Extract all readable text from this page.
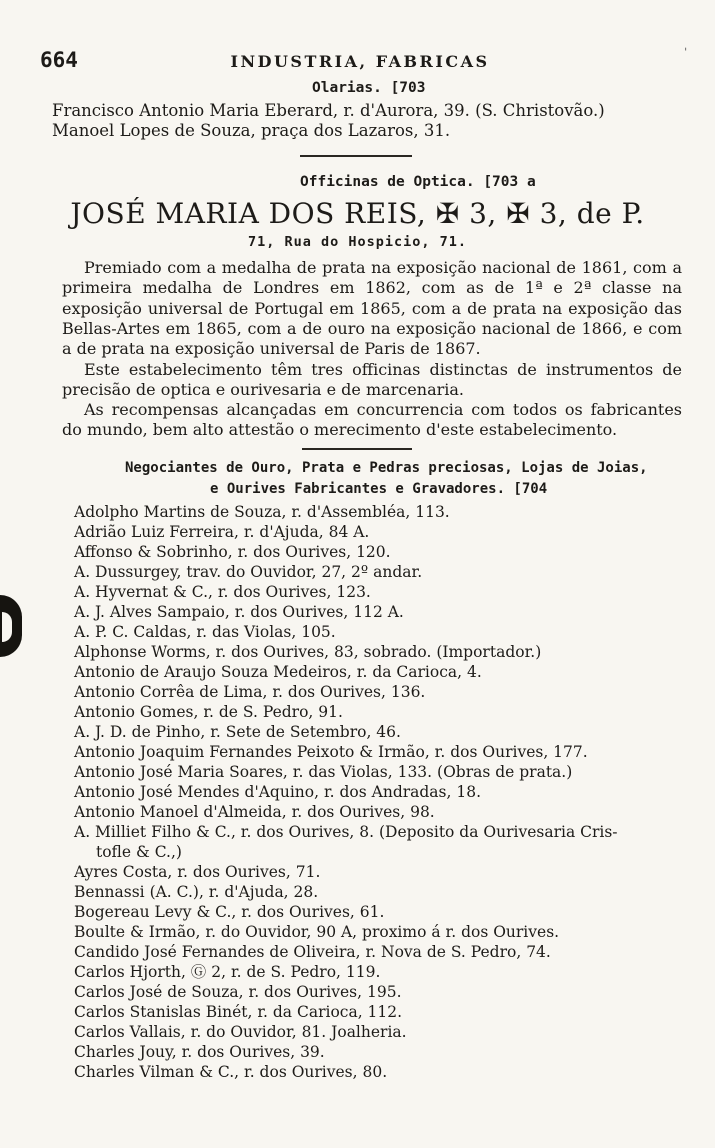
ˈ
664	INDUSTRIA, FABRICAS
Olarias. [703
Francisco Antonio Maria Eberard, r. d'Aurora, 39. (S. Christovão.)
Manoel Lopes de Souza, praça dos Lazaros, 31.
Officinas de Optica. [703 a
JOSÉ MARIA DOS REIS, ✠ 3, ✠ 3, de P.
71, Rua do Hospicio, 71.
Premiado com a medalha de prata na exposição nacional de 1861, com a primeira medalha de Londres em 1862, com as de 1ª e 2ª classe na exposição universal de Portugal em 1865, com a de prata na exposição das Bellas-Artes em 1865, com a de ouro na exposição nacional de 1866, e com a de prata na exposição universal de Paris de 1867.
Este estabelecimento têm tres officinas distinctas de instrumentos de precisão de optica e ourivesaria e de marcenaria.
As recompensas alcançadas em concurrencia com todos os fabricantes do mundo, bem alto attestão o merecimento d'este estabelecimento.
Negociantes de Ouro, Prata e Pedras preciosas, Lojas de Joias,
e Ourives Fabricantes e Gravadores. [704
Adolpho Martins de Souza, r. d'Assembléa, 113.
Adrião Luiz Ferreira, r. d'Ajuda, 84 A.
Affonso & Sobrinho, r. dos Ourives, 120.
A. Dussurgey, trav. do Ouvidor, 27, 2º andar.
A. Hyvernat & C., r. dos Ourives, 123.
A. J. Alves Sampaio, r. dos Ourives, 112 A.
A. P. C. Caldas, r. das Violas, 105.
Alphonse Worms, r. dos Ourives, 83, sobrado. (Importador.)
Antonio de Araujo Souza Medeiros, r. da Carioca, 4.
Antonio Corrêa de Lima, r. dos Ourives, 136.
Antonio Gomes, r. de S. Pedro, 91.
A. J. D. de Pinho, r. Sete de Setembro, 46.
Antonio Joaquim Fernandes Peixoto & Irmão, r. dos Ourives, 177.
Antonio José Maria Soares, r. das Violas, 133. (Obras de prata.)
Antonio José Mendes d'Aquino, r. dos Andradas, 18.
Antonio Manoel d'Almeida, r. dos Ourives, 98.
A. Milliet Filho & C., r. dos Ourives, 8. (Deposito da Ourivesaria Cris-
tofle & C.,)
Ayres Costa, r. dos Ourives, 71.
Bennassi (A. C.), r. d'Ajuda, 28.
Bogereau Levy & C., r. dos Ourives, 61.
Boulte & Irmão, r. do Ouvidor, 90 A, proximo á r. dos Ourives.
Candido José Fernandes de Oliveira, r. Nova de S. Pedro, 74.
Carlos Hjorth, Ⓖ 2, r. de S. Pedro, 119.
Carlos José de Souza, r. dos Ourives, 195.
Carlos Stanislas Binét, r. da Carioca, 112.
Carlos Vallais, r. do Ouvidor, 81. Joalheria.
Charles Jouy, r. dos Ourives, 39.
Charles Vilman & C., r. dos Ourives, 80.
